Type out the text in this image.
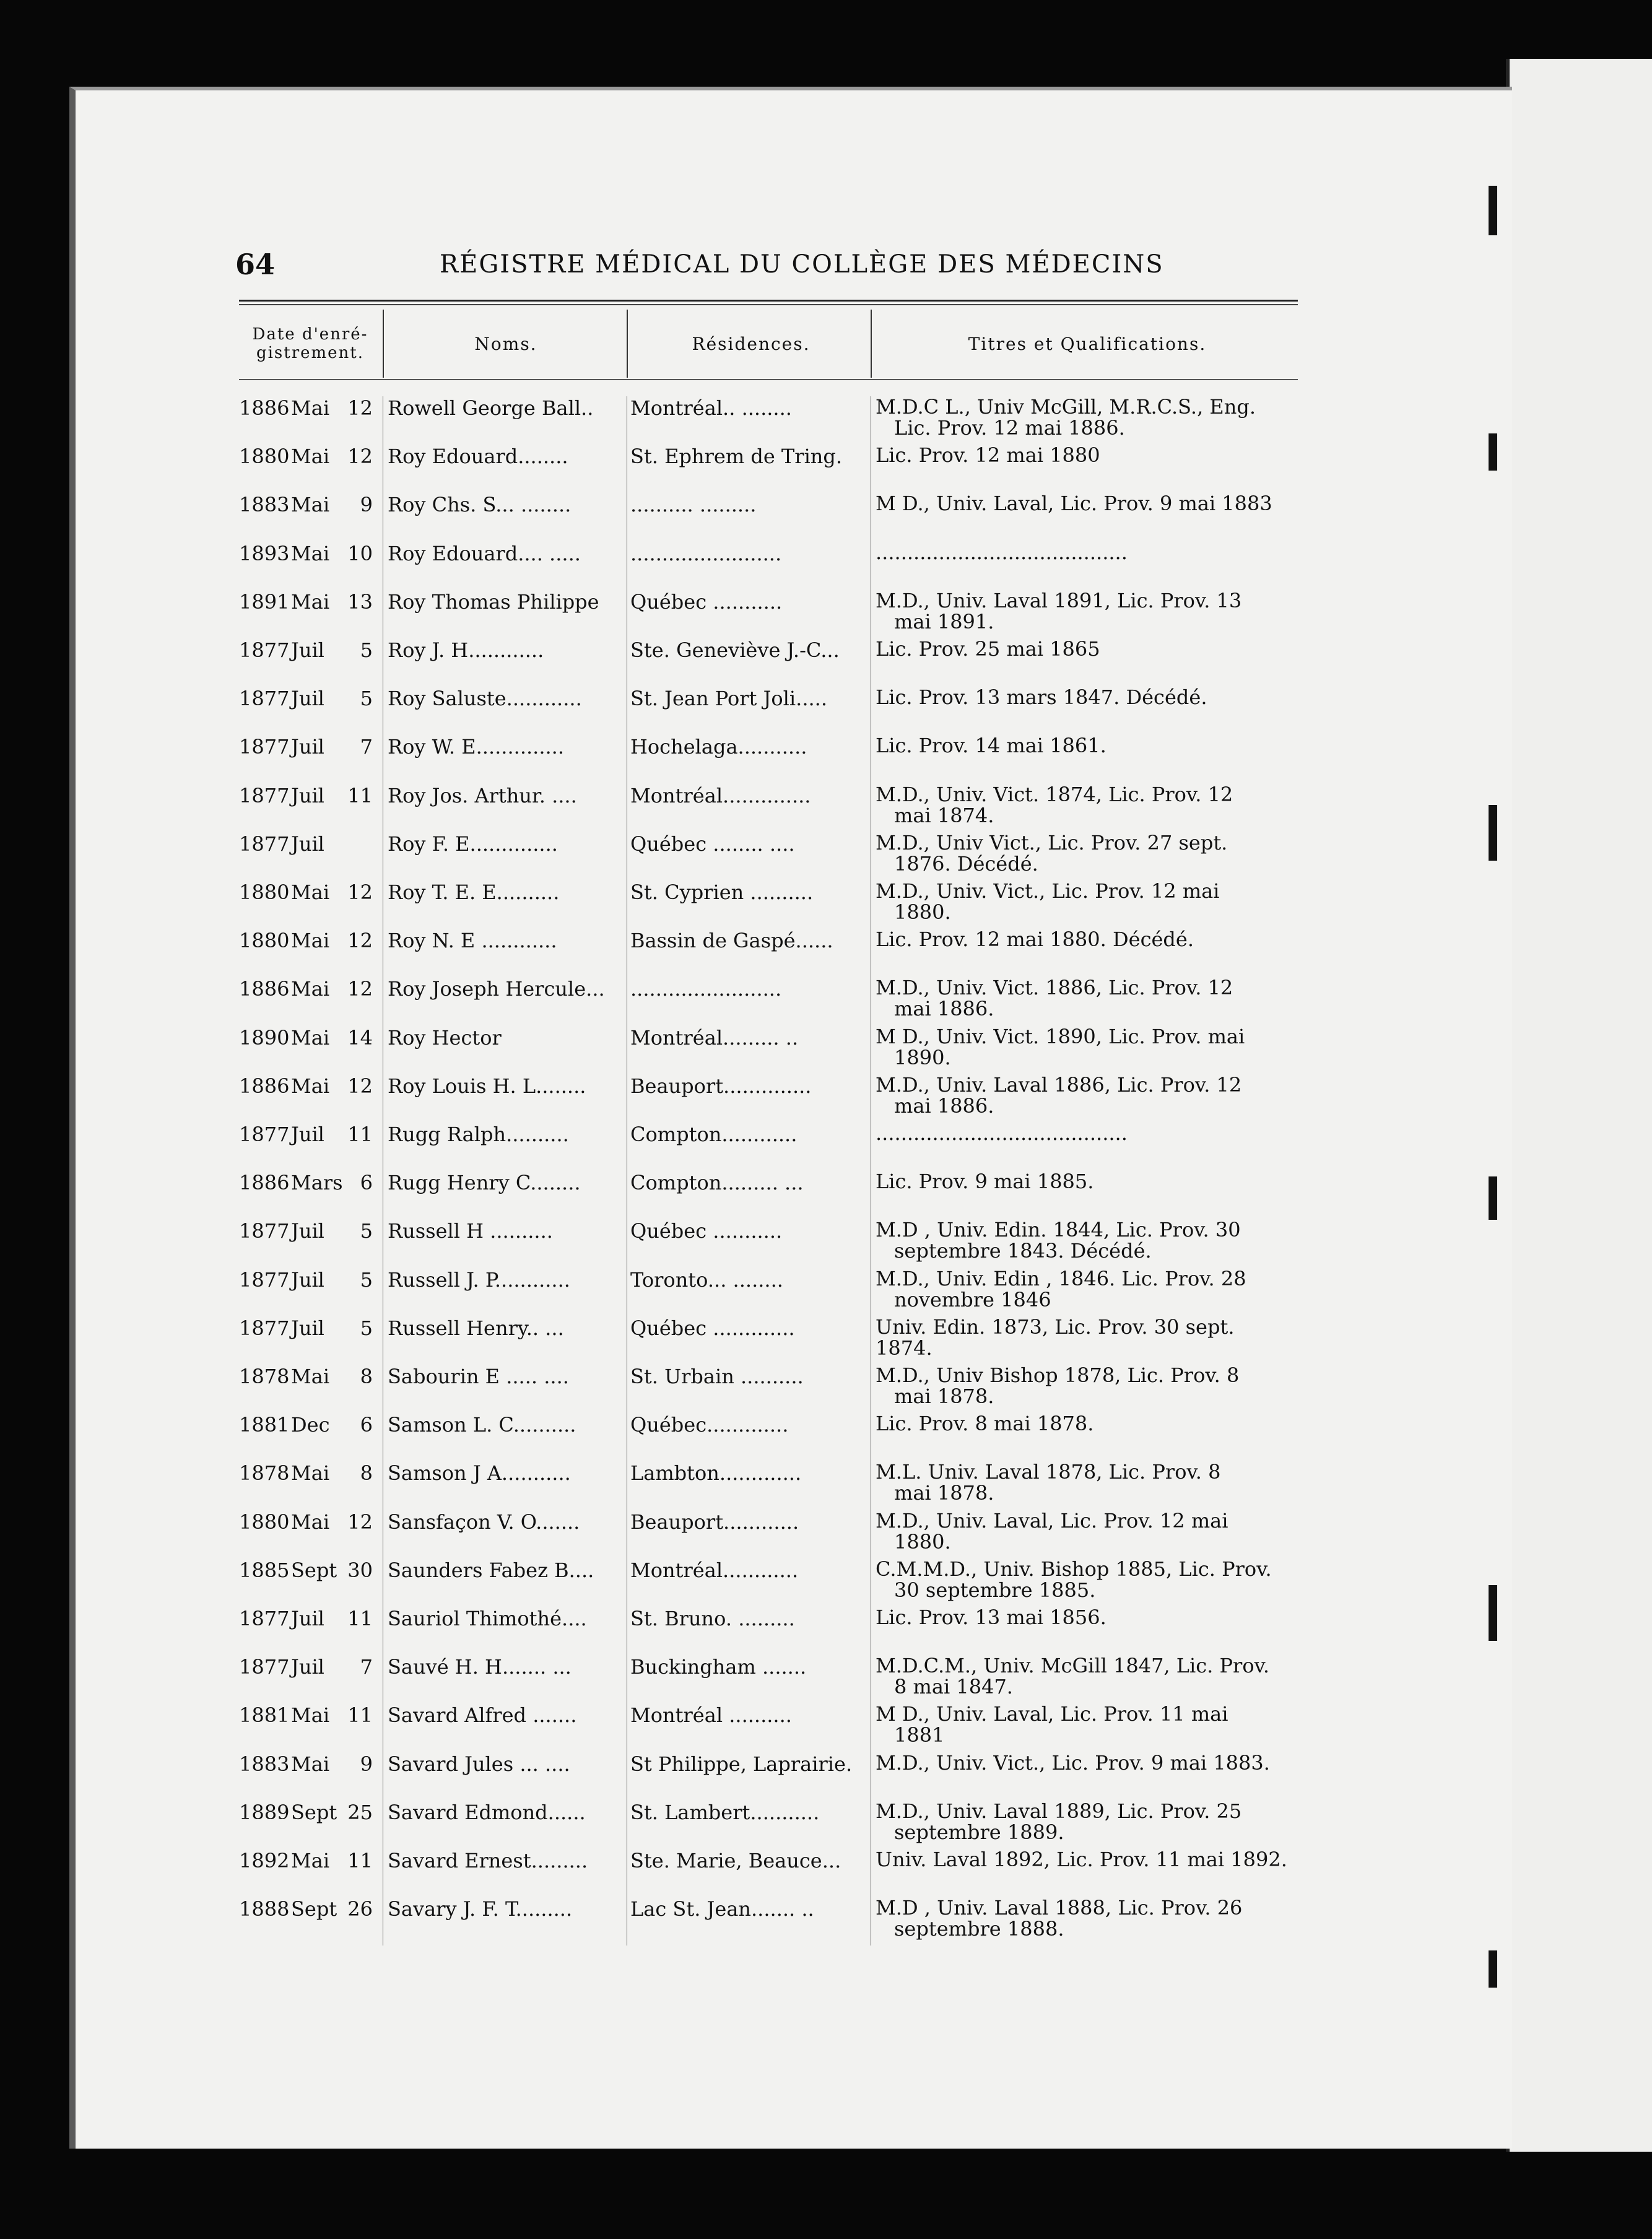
64	RÉGISTRE MÉDICAL DU COLLÈGE DES MÉDECINS
Date d'enré-
gistrement.	Noms.	Résidences.	Titres et Qualifications.
1886 Mai 12 Rowell George Ball..	Montréal.. ........	M.D.C L., Univ McGill, M.R.C.S., Eng.
Lic. Prov. 12 mai 1886.
1880 Mai 12 Roy Edouard........	St. Ephrem de Tring.	Lic. Prov. 12 mai 1880
1883 Mai 9 Roy Chs. S... ........	.......... .........	M D., Univ. Laval, Lic. Prov. 9 mai 1883
1893 Mai 10 Roy Edouard.... .....	........................	........................................
1891 Mai 13 Roy Thomas Philippe	Québec ...........	M.D., Univ. Laval 1891, Lic. Prov. 13
mai 1891.
1877 Juil 5 Roy J. H............	Ste. Geneviève J.-C...	Lic. Prov. 25 mai 1865
1877 Juil 5 Roy Saluste............	St. Jean Port Joli.....	Lic. Prov. 13 mars 1847. Décédé.
1877 Juil 7 Roy W. E..............	Hochelaga...........	Lic. Prov. 14 mai 1861.
1877 Juil 11 Roy Jos. Arthur. ....	Montréal..............	M.D., Univ. Vict. 1874, Lic. Prov. 12
mai 1874.
1877 Juil	Roy F. E..............	Québec ........ ....	M.D., Univ Vict., Lic. Prov. 27 sept.
1876. Décédé.
1880 Mai 12 Roy T. E. E..........	St. Cyprien ..........	M.D., Univ. Vict., Lic. Prov. 12 mai
1880.
1880 Mai 12 Roy N. E ............	Bassin de Gaspé......	Lic. Prov. 12 mai 1880. Décédé.
1886 Mai 12 Roy Joseph Hercule...	........................	M.D., Univ. Vict. 1886, Lic. Prov. 12
mai 1886.
1890 Mai 14 Roy Hector	Montréal......... ..	M D., Univ. Vict. 1890, Lic. Prov. mai
1890.
1886 Mai 12 Roy Louis H. L........	Beauport..............	M.D., Univ. Laval 1886, Lic. Prov. 12
mai 1886.
1877 Juil 11 Rugg Ralph..........	Compton............	........................................
1886 Mars 6 Rugg Henry C........	Compton......... ...	Lic. Prov. 9 mai 1885.
1877 Juil 5 Russell H ..........	Québec ...........	M.D , Univ. Edin. 1844, Lic. Prov. 30
septembre 1843. Décédé.
1877 Juil 5 Russell J. P............	Toronto... ........	M.D., Univ. Edin , 1846. Lic. Prov. 28
novembre 1846
1877 Juil 5 Russell Henry.. ...	Québec .............	Univ. Edin. 1873, Lic. Prov. 30 sept. 1874.
1878 Mai 8 Sabourin E ..... ....	St. Urbain ..........	M.D., Univ Bishop 1878, Lic. Prov. 8
mai 1878.
1881 Dec 6 Samson L. C..........	Québec.............	Lic. Prov. 8 mai 1878.
1878 Mai 8 Samson J A...........	Lambton.............	M.L. Univ. Laval 1878, Lic. Prov. 8
mai 1878.
1880 Mai 12 Sansfaçon V. O.......	Beauport............	M.D., Univ. Laval, Lic. Prov. 12 mai
1880.
1885 Sept 30 Saunders Fabez B....	Montréal............	C.M.M.D., Univ. Bishop 1885, Lic. Prov.
30 septembre 1885.
1877 Juil 11 Sauriol Thimothé....	St. Bruno. .........	Lic. Prov. 13 mai 1856.
1877 Juil 7 Sauvé H. H....... ...	Buckingham .......	M.D.C.M., Univ. McGill 1847, Lic. Prov.
8 mai 1847.
1881 Mai 11 Savard Alfred .......	Montréal ..........	M D., Univ. Laval, Lic. Prov. 11 mai
1881
1883 Mai 9 Savard Jules ... ....	St Philippe, Laprairie.	M.D., Univ. Vict., Lic. Prov. 9 mai 1883.
1889 Sept 25 Savard Edmond......	St. Lambert...........	M.D., Univ. Laval 1889, Lic. Prov. 25
septembre 1889.
1892 Mai 11 Savard Ernest.........	Ste. Marie, Beauce...	Univ. Laval 1892, Lic. Prov. 11 mai 1892.
1888 Sept 26 Savary J. F. T.........	Lac St. Jean....... ..	M.D , Univ. Laval 1888, Lic. Prov. 26
septembre 1888.
